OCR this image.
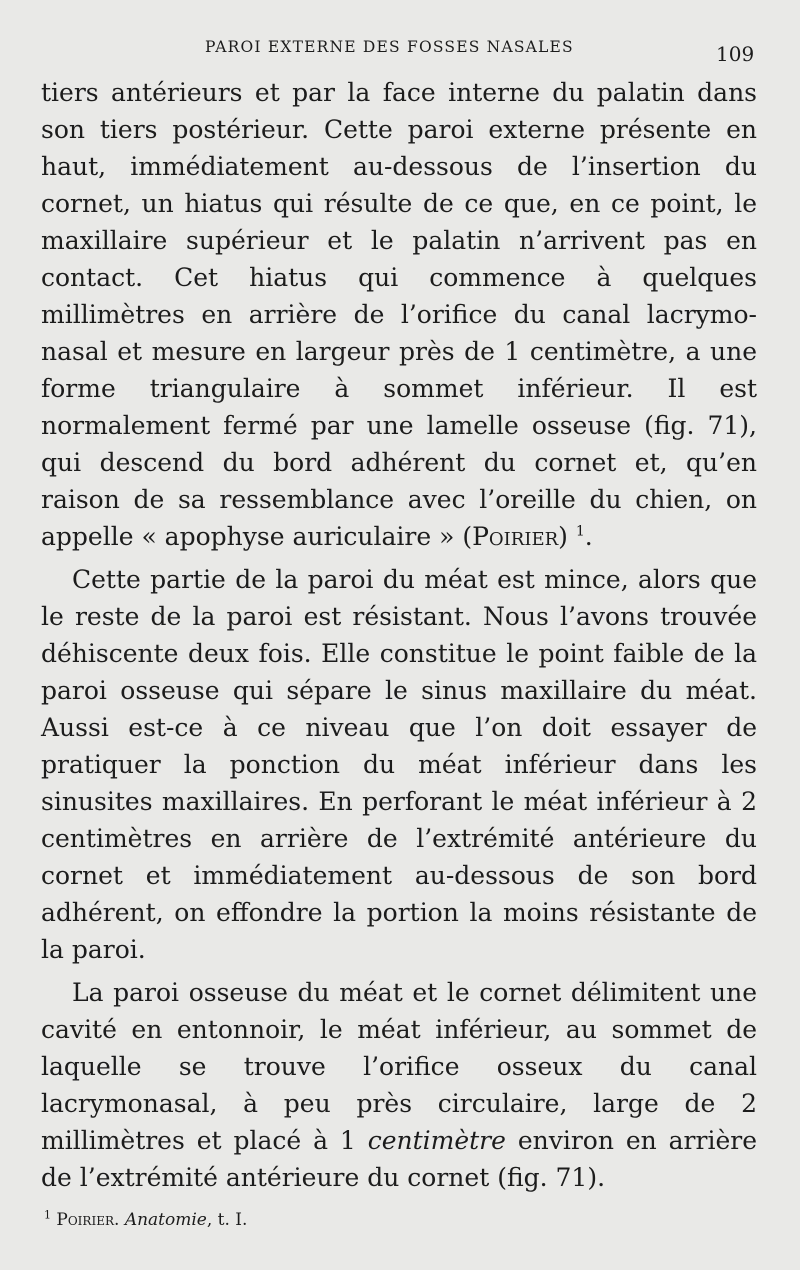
PAROI EXTERNE DES FOSSES NASALES	109

tiers antérieurs et par la face interne du palatin dans son tiers postérieur. Cette paroi externe présente en haut, immédiatement au-dessous de l’insertion du cornet, un hiatus qui résulte de ce que, en ce point, le maxillaire supérieur et le palatin n’arrivent pas en contact. Cet hiatus qui commence à quelques millimètres en arrière de l’orifice du canal lacrymo-nasal et mesure en largeur près de 1 centimètre, a une forme triangulaire à sommet inférieur. Il est normalement fermé par une lamelle osseuse (fig. 71), qui descend du bord adhérent du cornet et, qu’en raison de sa ressemblance avec l’oreille du chien, on appelle « apophyse auriculaire » (Poirier) $^1$.

Cette partie de la paroi du méat est mince, alors que le reste de la paroi est résistant. Nous l’avons trouvée déhiscente deux fois. Elle constitue le point faible de la paroi osseuse qui sépare le sinus maxillaire du méat. Aussi est-ce à ce niveau que l’on doit essayer de pratiquer la ponction du méat inférieur dans les sinusites maxillaires. En perforant le méat inférieur à 2 centimètres en arrière de l’extrémité antérieure du cornet et immédiatement au-dessous de son bord adhérent, on effondre la portion la moins résistante de la paroi.

La paroi osseuse du méat et le cornet délimitent une cavité en entonnoir, le méat inférieur, au sommet de laquelle se trouve l’orifice osseux du canal lacrymonasal, à peu près circulaire, large de 2 millimètres et placé à 1 centimètre environ en arrière de l’extrémité antérieure du cornet (fig. 71).

$^1$ Poirier. Anatomie, t. I.
